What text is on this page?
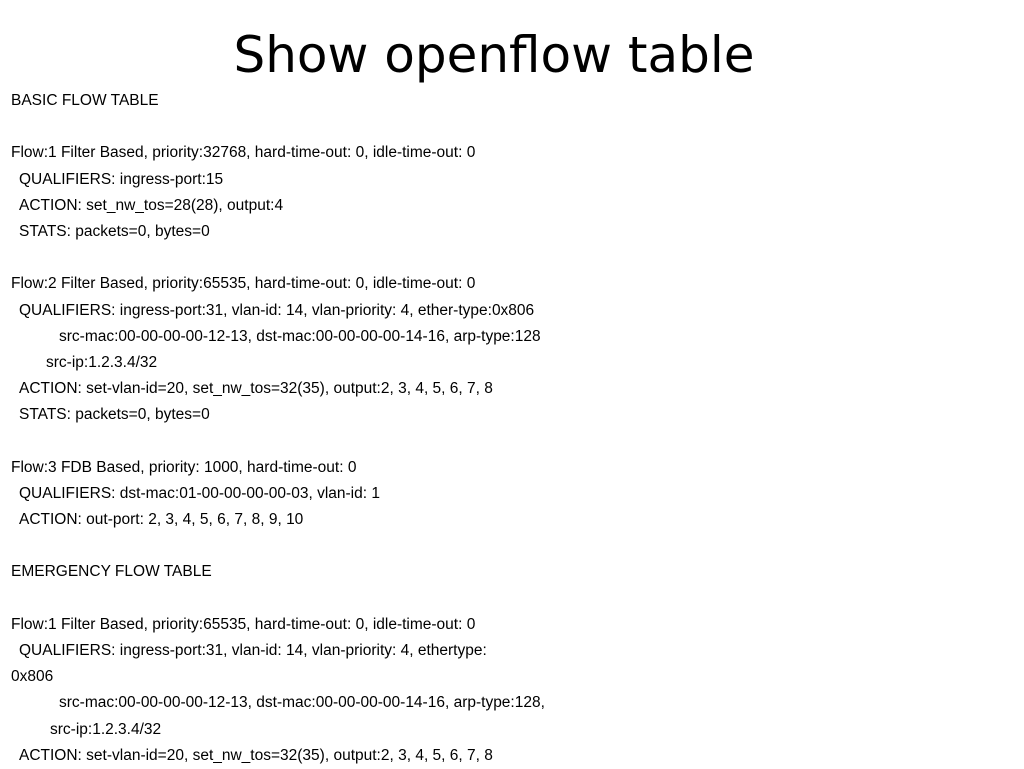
Show openflow table
BASIC FLOW TABLE
Flow:1 Filter Based, priority:32768, hard-time-out: 0, idle-time-out: 0
QUALIFIERS: ingress-port:15
ACTION: set_nw_tos=28(28), output:4
STATS: packets=0, bytes=0
Flow:2 Filter Based, priority:65535, hard-time-out: 0, idle-time-out: 0
QUALIFIERS: ingress-port:31, vlan-id: 14, vlan-priority: 4, ether-type:0x806
src-mac:00-00-00-00-12-13, dst-mac:00-00-00-00-14-16, arp-type:128
src-ip:1.2.3.4/32
ACTION: set-vlan-id=20, set_nw_tos=32(35), output:2, 3, 4, 5, 6, 7, 8
STATS: packets=0, bytes=0
Flow:3 FDB Based, priority: 1000, hard-time-out: 0
QUALIFIERS: dst-mac:01-00-00-00-00-03, vlan-id: 1
ACTION: out-port: 2, 3, 4, 5, 6, 7, 8, 9, 10
EMERGENCY FLOW TABLE
Flow:1 Filter Based, priority:65535, hard-time-out: 0, idle-time-out: 0
QUALIFIERS: ingress-port:31, vlan-id: 14, vlan-priority: 4, ethertype:
0x806
src-mac:00-00-00-00-12-13, dst-mac:00-00-00-00-14-16, arp-type:128,
src-ip:1.2.3.4/32
ACTION: set-vlan-id=20, set_nw_tos=32(35), output:2, 3, 4, 5, 6, 7, 8
